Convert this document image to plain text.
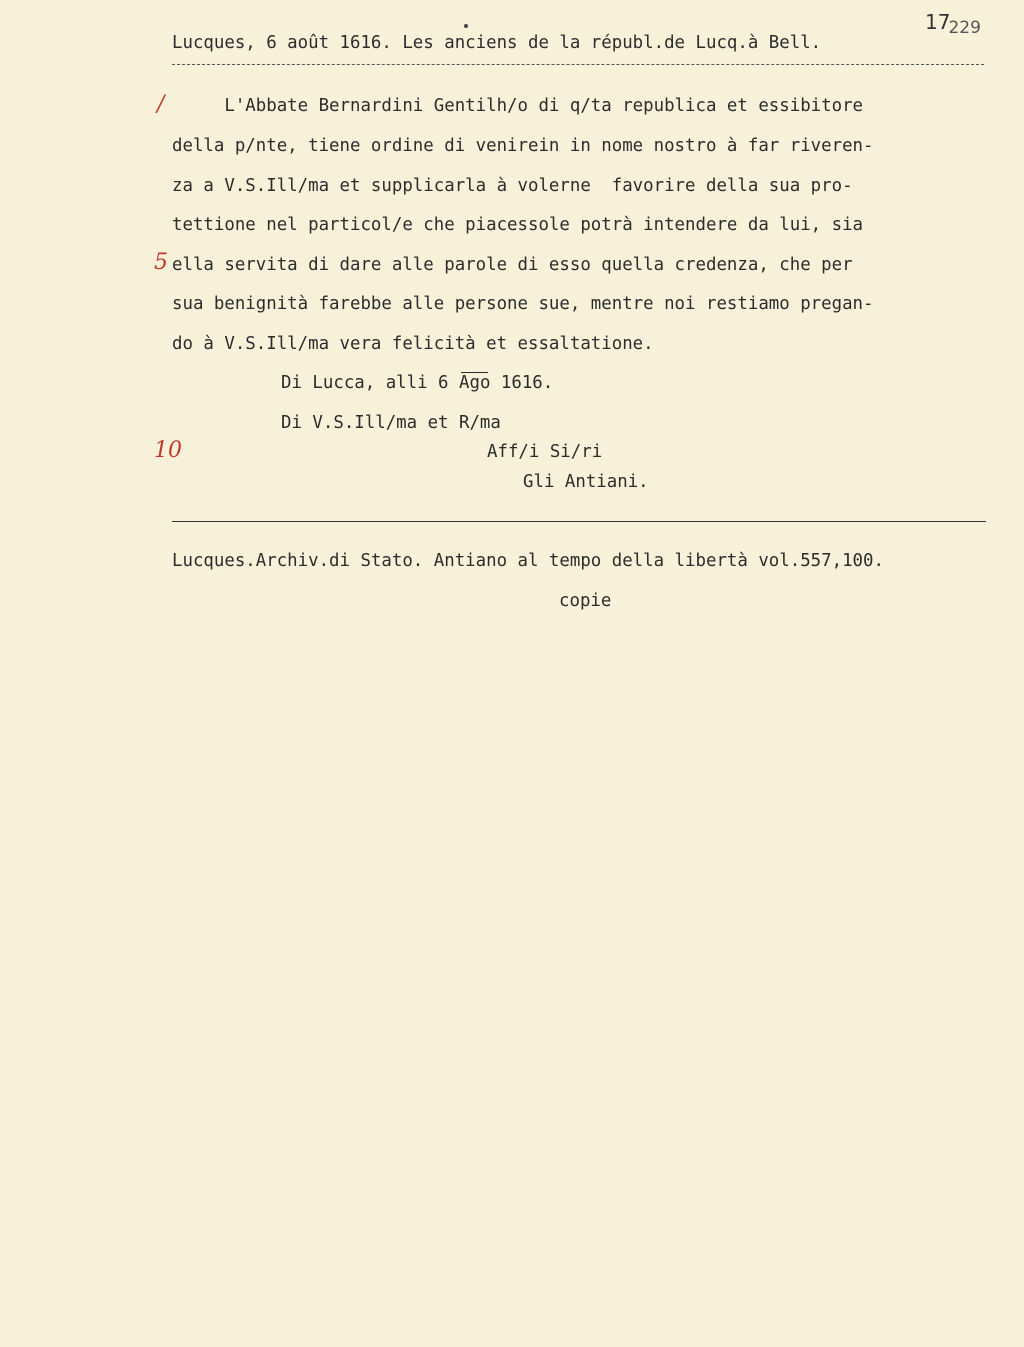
17229
Lucques, 6 août 1616. Les anciens de la républ.de Lucq.à Bell.
/
5
10
L'Abbate Bernardini Gentilh/o di q/ta republica et essibitore
della p/nte, tiene ordine di venirein in nome nostro à far riveren-
za a V.S.Ill/ma et supplicarla à volerne  favorire della sua pro-
tettione nel particol/e che piacessole potrà intendere da lui, sia
ella servita di dare alle parole di esso quella credenza, che per
sua benignità farebbe alle persone sue, mentre noi restiamo pregan-
do à V.S.Ill/ma vera felicità et essaltatione.
Di Lucca, alli 6 Ago 1616.
Di V.S.Ill/ma et R/ma
Aff/i Si/ri
Gli Antiani.
Lucques.Archiv.di Stato. Antiano al tempo della libertà vol.557,100.
copie
